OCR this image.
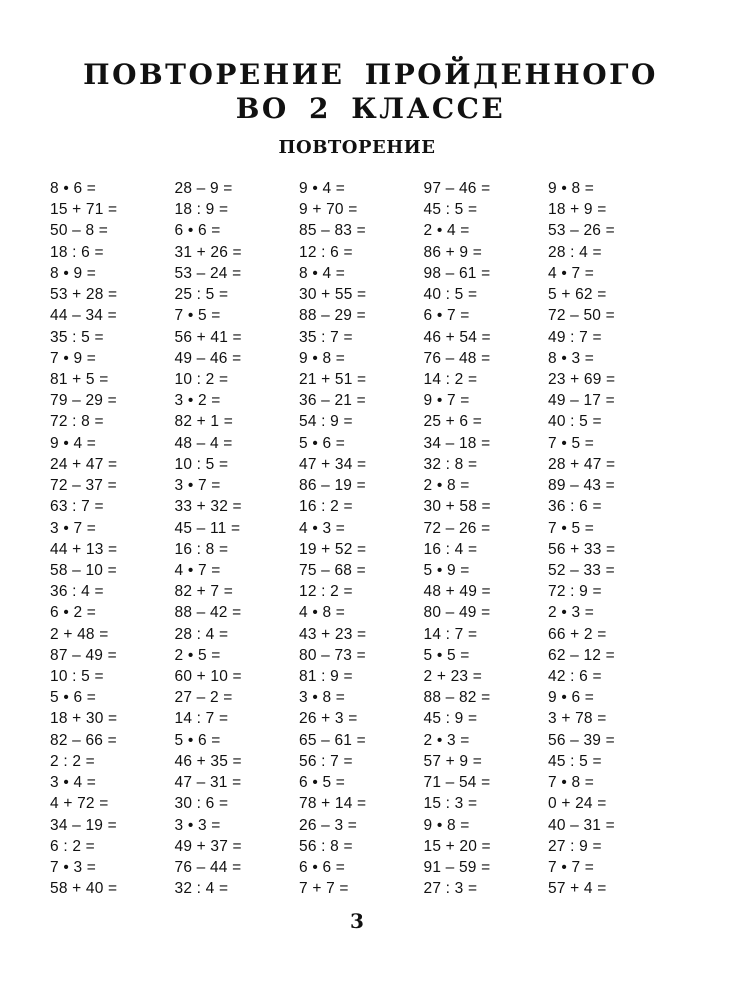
ПОВТОРЕНИЕ ПРОЙДЕННОГО
ВО 2 КЛАССЕ
ПОВТОРЕНИЕ
8 • 6 =
15 + 71 =
50 – 8 =
18 : 6 =
8 • 9 =
53 + 28 =
44 – 34 =
35 : 5 =
7 • 9 =
81 + 5 =
79 – 29 =
72 : 8 =
9 • 4 =
24 + 47 =
72 – 37 =
63 : 7 =
3 • 7 =
44 + 13 =
58 – 10 =
36 : 4 =
6 • 2 =
2 + 48 =
87 – 49 =
10 : 5 =
5 • 6 =
18 + 30 =
82 – 66 =
2 : 2 =
3 • 4 =
4 + 72 =
34 – 19 =
6 : 2 =
7 • 3 =
58 + 40 =
28 – 9 =
18 : 9 =
6 • 6 =
31 + 26 =
53 – 24 =
25 : 5 =
7 • 5 =
56 + 41 =
49 – 46 =
10 : 2 =
3 • 2 =
82 + 1 =
48 – 4 =
10 : 5 =
3 • 7 =
33 + 32 =
45 – 11 =
16 : 8 =
4 • 7 =
82 + 7 =
88 – 42 =
28 : 4 =
2 • 5 =
60 + 10 =
27 – 2 =
14 : 7 =
5 • 6 =
46 + 35 =
47 – 31 =
30 : 6 =
3 • 3 =
49 + 37 =
76 – 44 =
32 : 4 =
9 • 4 =
9 + 70 =
85 – 83 =
12 : 6 =
8 • 4 =
30 + 55 =
88 – 29 =
35 : 7 =
9 • 8 =
21 + 51 =
36 – 21 =
54 : 9 =
5 • 6 =
47 + 34 =
86 – 19 =
16 : 2 =
4 • 3 =
19 + 52 =
75 – 68 =
12 : 2 =
4 • 8 =
43 + 23 =
80 – 73 =
81 : 9 =
3 • 8 =
26 + 3 =
65 – 61 =
56 : 7 =
6 • 5 =
78 + 14 =
26 – 3 =
56 : 8 =
6 • 6 =
7 + 7 =
97 – 46 =
45 : 5 =
2 • 4 =
86 + 9 =
98 – 61 =
40 : 5 =
6 • 7 =
46 + 54 =
76 – 48 =
14 : 2 =
9 • 7 =
25 + 6 =
34 – 18 =
32 : 8 =
2 • 8 =
30 + 58 =
72 – 26 =
16 : 4 =
5 • 9 =
48 + 49 =
80 – 49 =
14 : 7 =
5 • 5 =
2 + 23 =
88 – 82 =
45 : 9 =
2 • 3 =
57 + 9 =
71 – 54 =
15 : 3 =
9 • 8 =
15 + 20 =
91 – 59 =
27 : 3 =
9 • 8 =
18 + 9 =
53 – 26 =
28 : 4 =
4 • 7 =
5 + 62 =
72 – 50 =
49 : 7 =
8 • 3 =
23 + 69 =
49 – 17 =
40 : 5 =
7 • 5 =
28 + 47 =
89 – 43 =
36 : 6 =
7 • 5 =
56 + 33 =
52 – 33 =
72 : 9 =
2 • 3 =
66 + 2 =
62 – 12 =
42 : 6 =
9 • 6 =
3 + 78 =
56 – 39 =
45 : 5 =
7 • 8 =
0 + 24 =
40 – 31 =
27 : 9 =
7 • 7 =
57 + 4 =
3
